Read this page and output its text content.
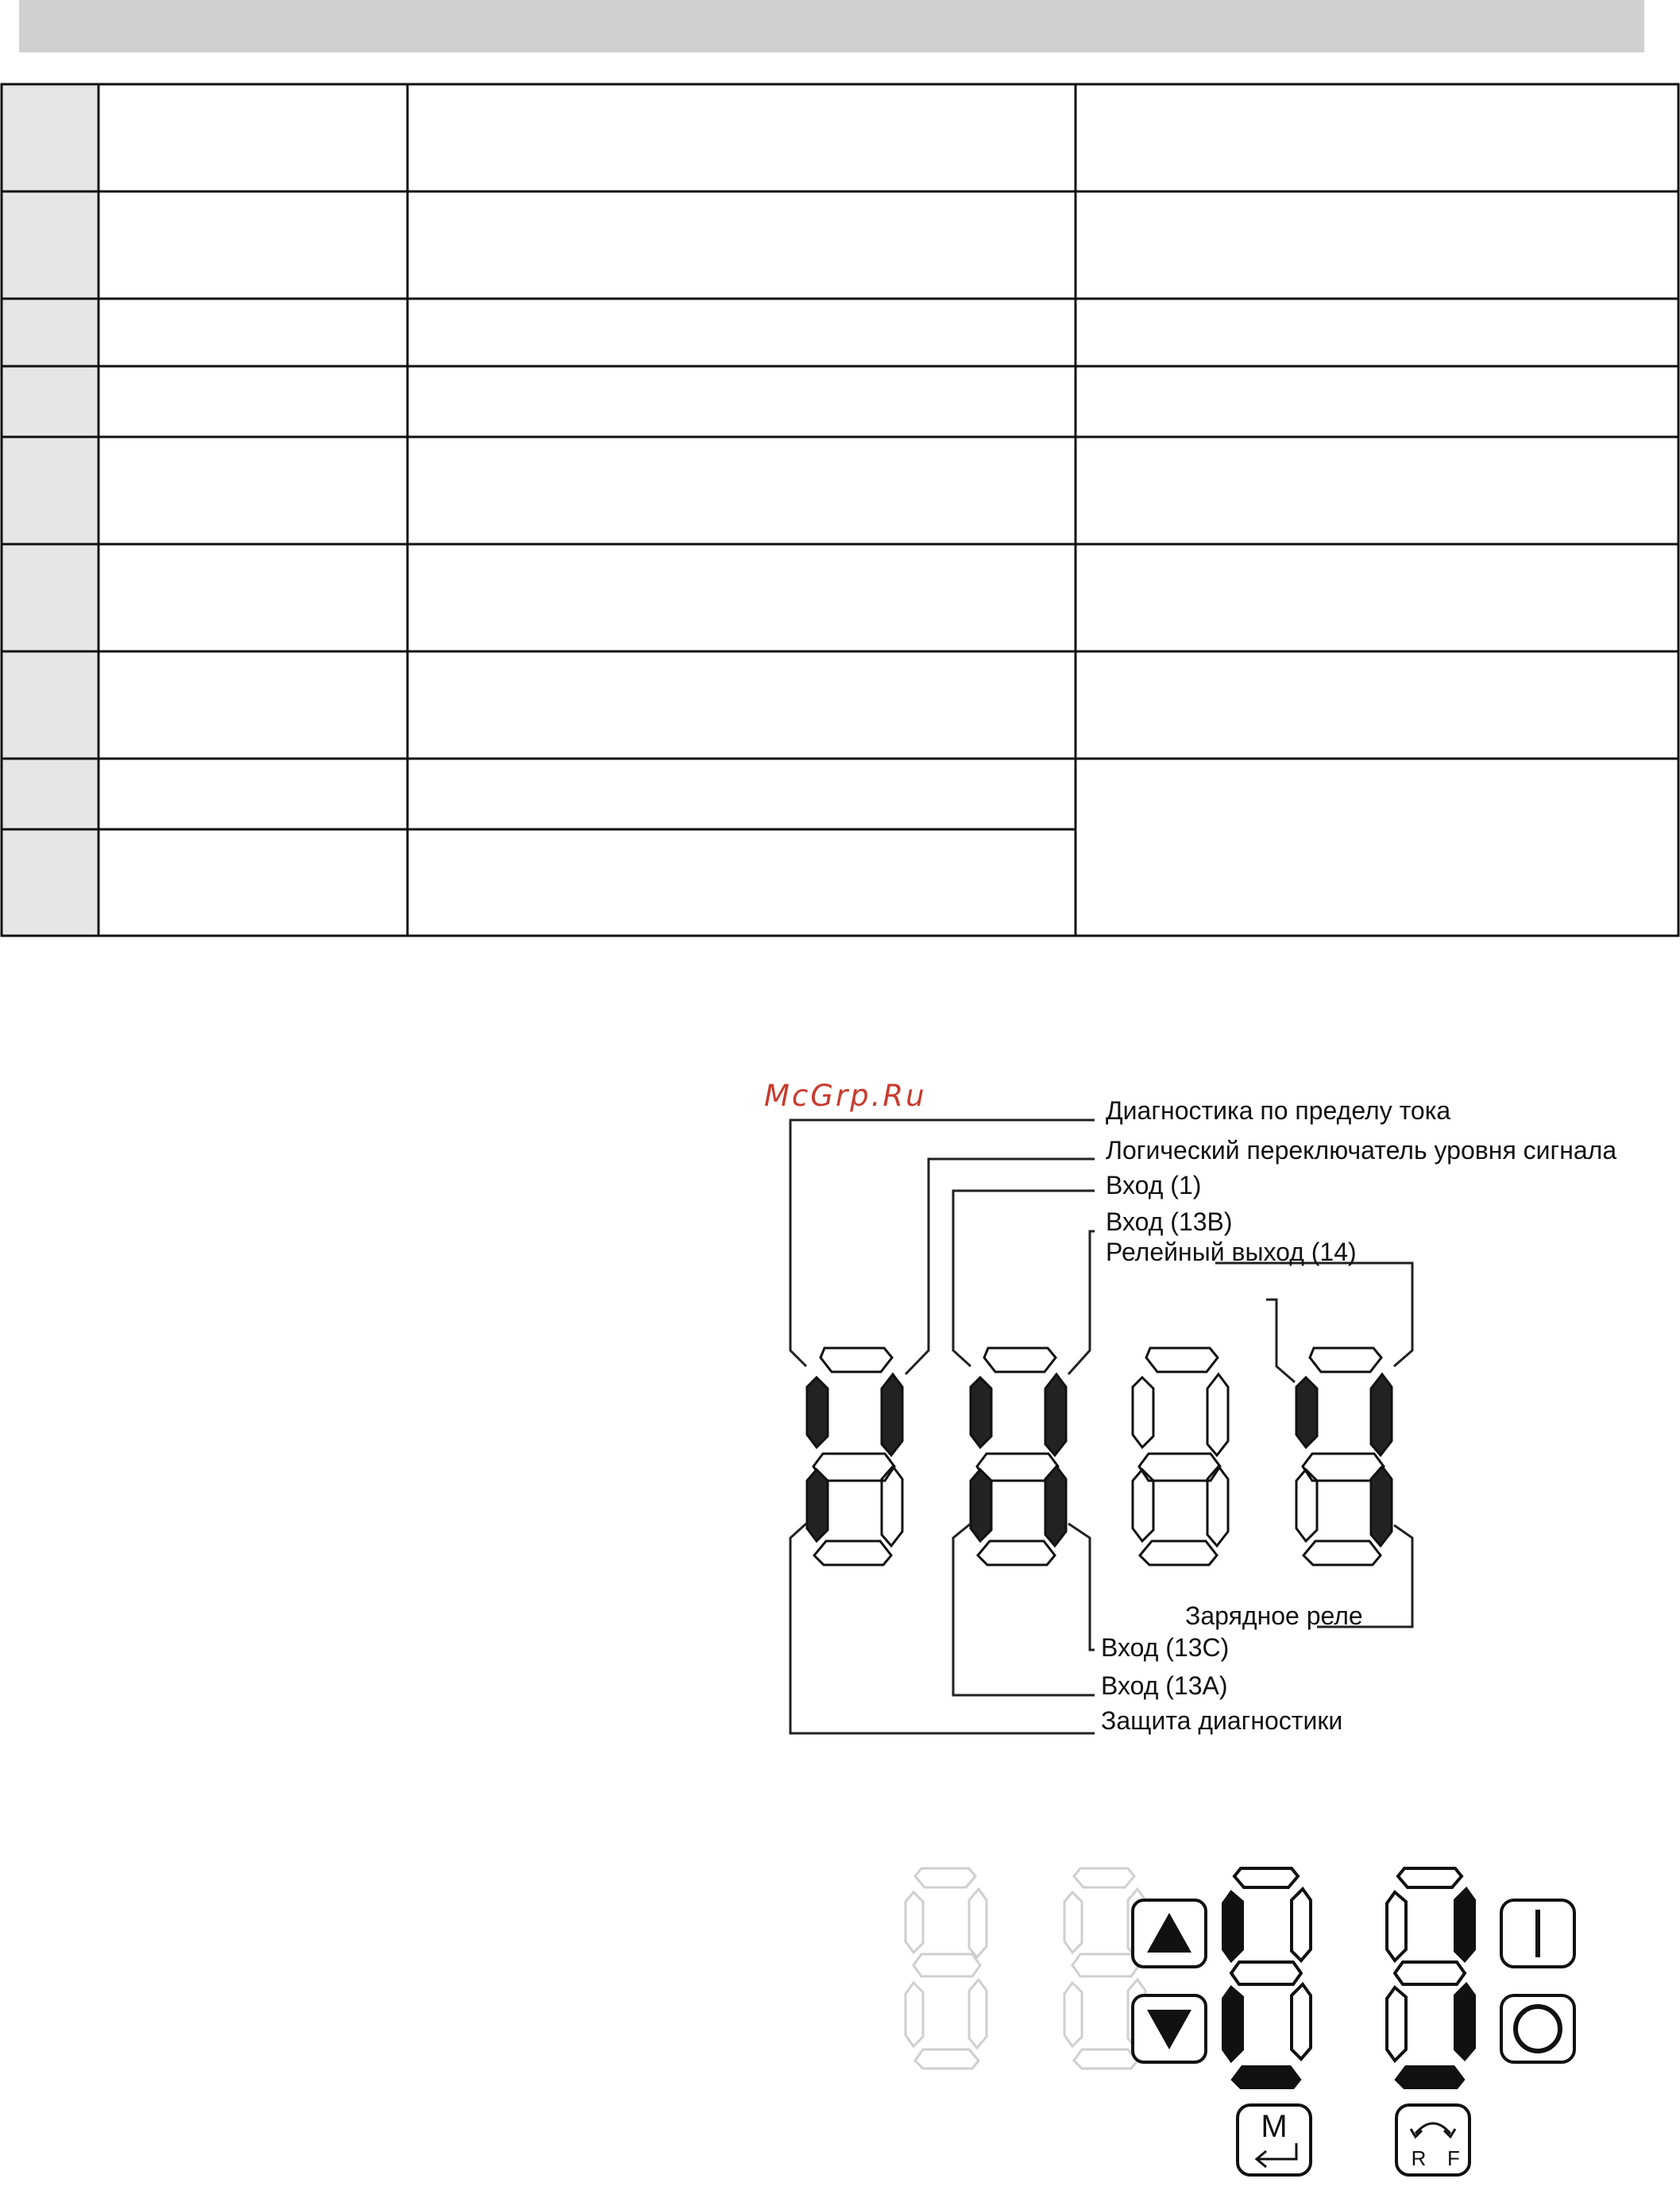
McGrp.Ru	Диагностика по пределу тока
Логический переключатель уровня сигнала
Вход (1)
Вход (13B)
Релейный выход (14)
Зарядное реле
Вход (13C)
Вход (13A)
Защита диагностики
M
R F
